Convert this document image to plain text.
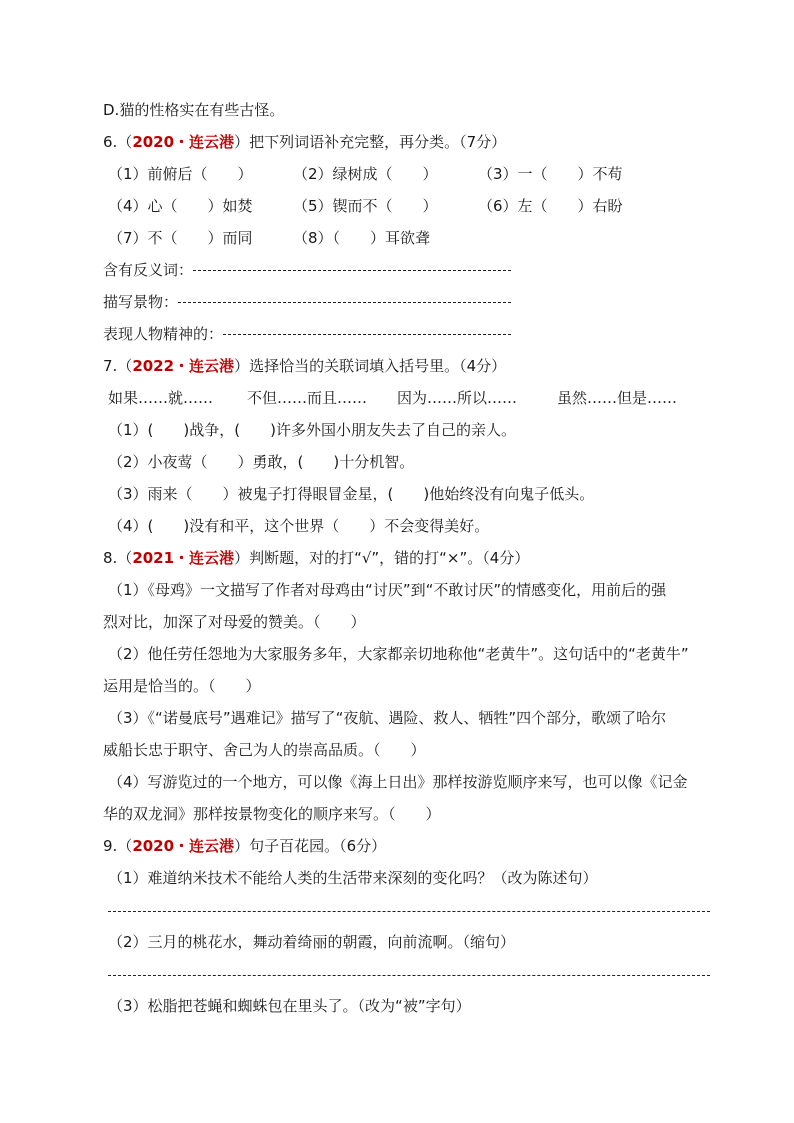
D.猫的性格实在有些古怪。
6.（2020・连云港）把下列词语补充完整，再分类。（7分）
（1）前俯后（　　）	（2）绿树成（　　）	（3）一（　　）不苟
（4）心（　　）如焚	（5）锲而不（　　）	（6）左（　　）右盼
（7）不（　　）而同	（8）（　　）耳欲聋
含有反义词：
描写景物：
表现人物精神的：
7.（2022・连云港）选择恰当的关联词填入括号里。（4分）
如果……就…… 不但……而且…… 因为……所以……	虽然……但是……
（1）(　　)战争，(　　)许多外国小朋友失去了自己的亲人。
（2）小夜莺（　　）勇敢，(　　)十分机智。
（3）雨来（　　）被鬼子打得眼冒金星，(　　)他始终没有向鬼子低头。
（4）(　　)没有和平，这个世界（　　）不会变得美好。
8.（2021・连云港）判断题，对的打“√”，错的打“×”。（4分）
（1）《母鸡》一文描写了作者对母鸡由“讨厌”到“不敢讨厌”的情感变化，用前后的强
烈对比，加深了对母爱的赞美。（　　）
（2）他任劳任怨地为大家服务多年，大家都亲切地称他“老黄牛”。这句话中的“老黄牛”
运用是恰当的。（　　）
（3）《“诺曼底号”遇难记》描写了“夜航、遇险、救人、牺牲”四个部分，歌颂了哈尔
威船长忠于职守、舍己为人的崇高品质。（　　）
（4）写游览过的一个地方，可以像《海上日出》那样按游览顺序来写，也可以像《记金
华的双龙洞》那样按景物变化的顺序来写。（　　）
9.（2020・连云港）句子百花园。（6分）
（1）难道纳米技术不能给人类的生活带来深刻的变化吗？（改为陈述句）
（2）三月的桃花水，舞动着绮丽的朝霞，向前流啊。（缩句）
（3）松脂把苍蝇和蜘蛛包在里头了。（改为“被”字句）
